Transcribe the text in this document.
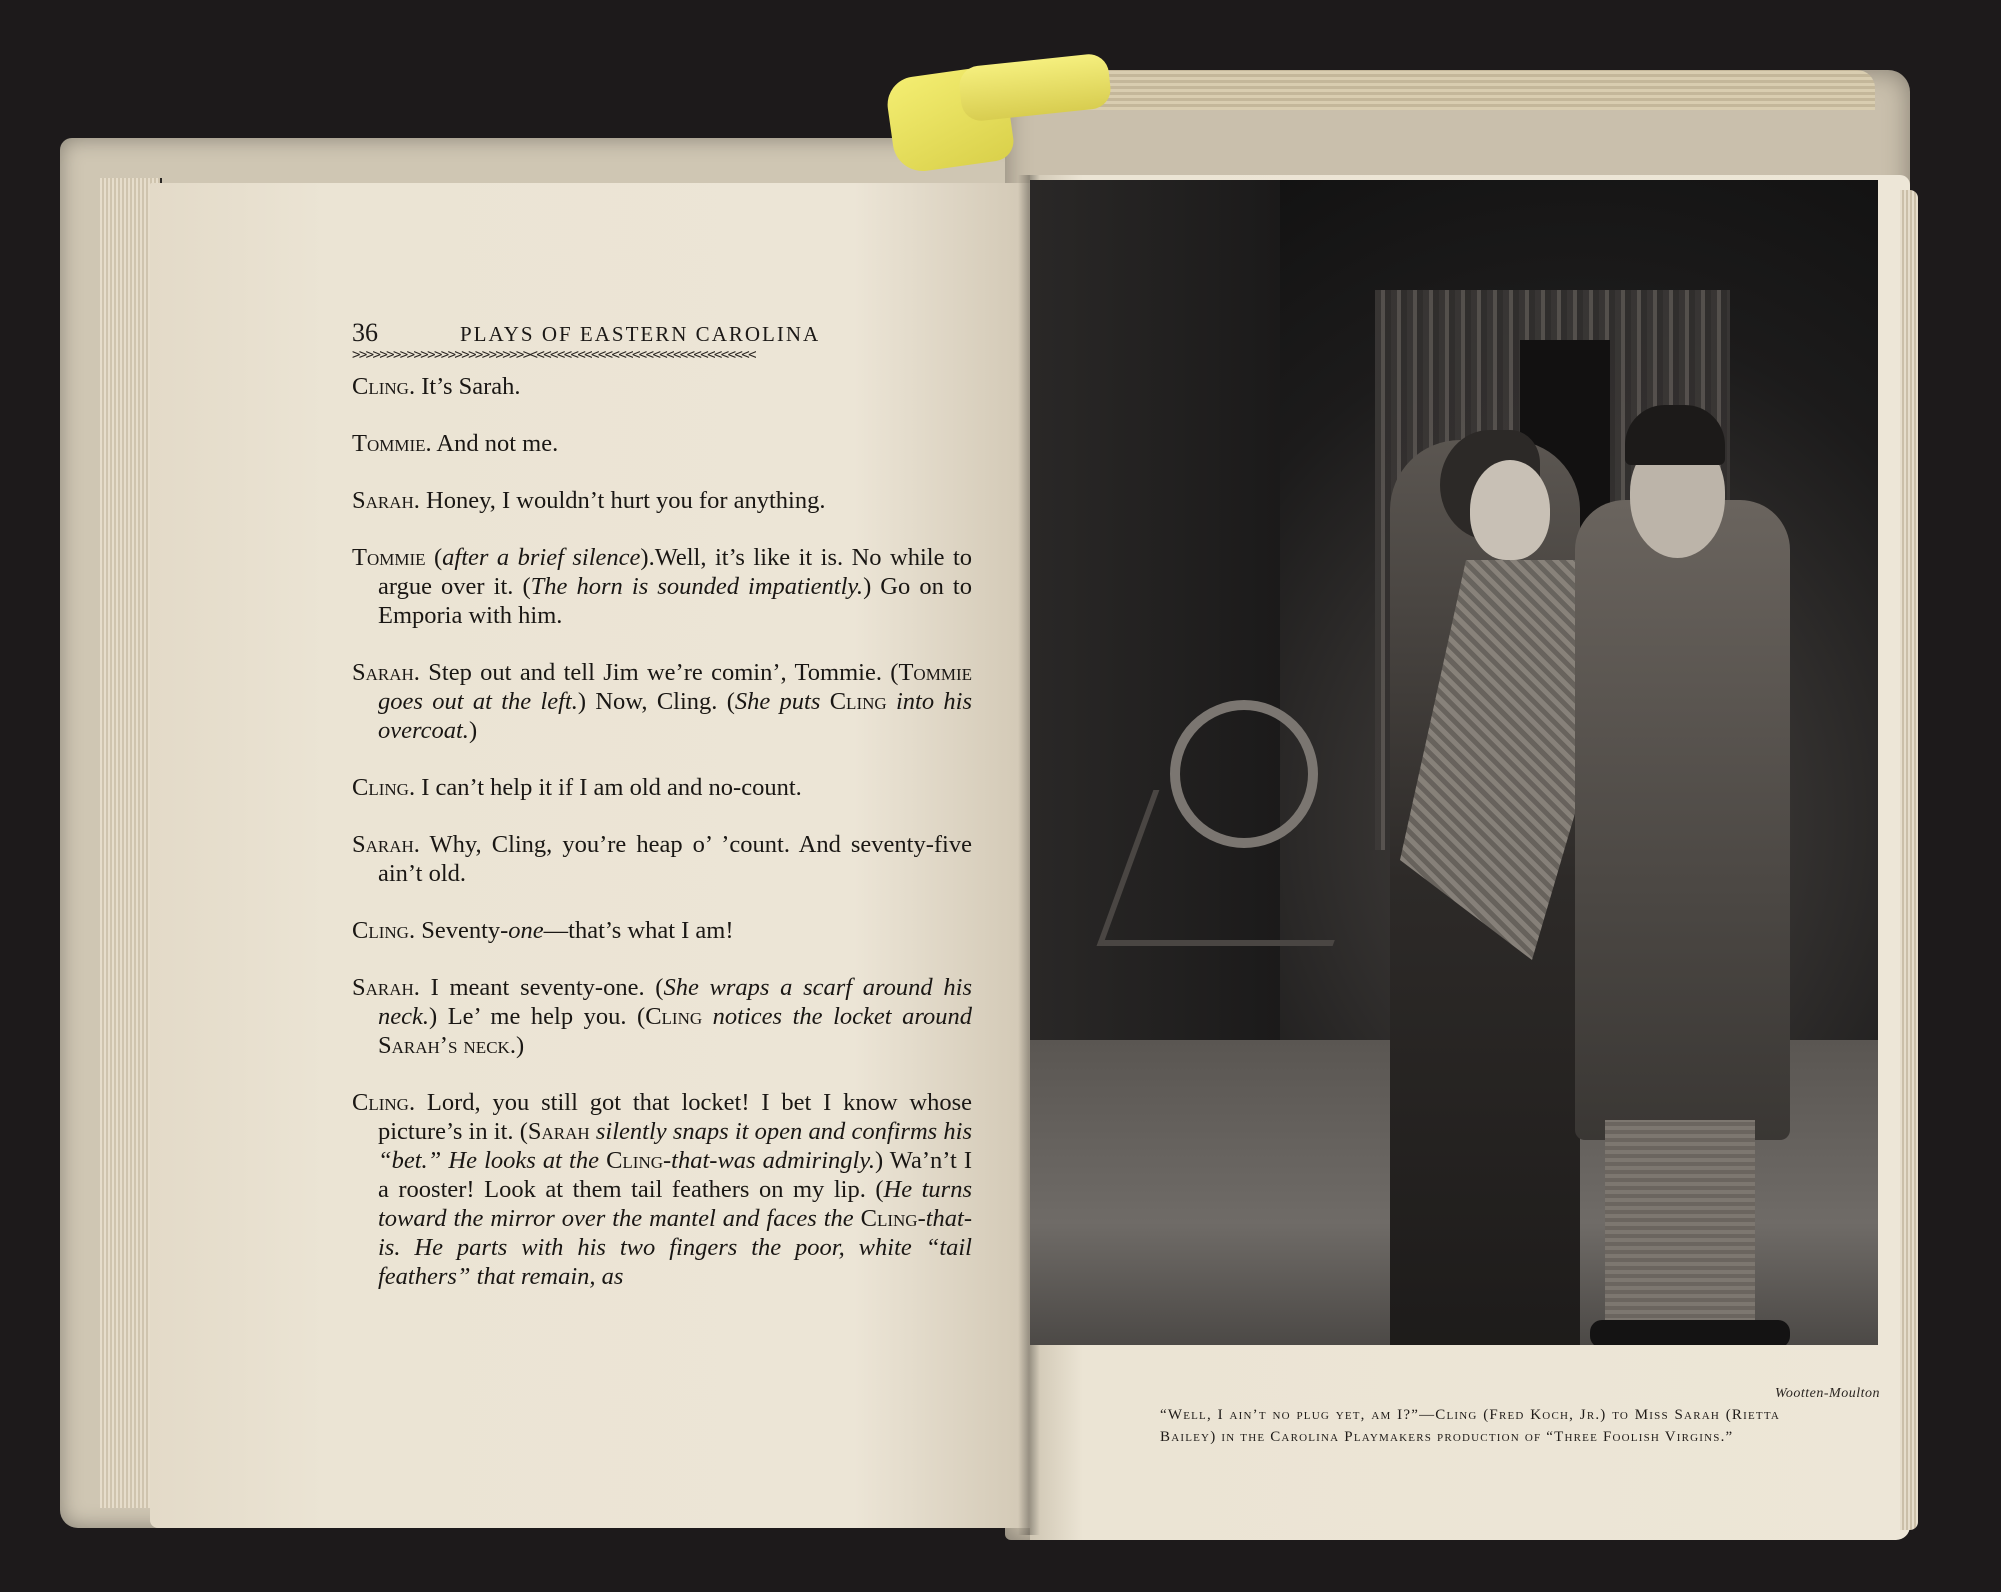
36	PLAYS OF EASTERN CAROLINA
>>>>>>>>>>>>>>>>>>>>>>>>>><<<<<<<<<<<<<<<<<<<<<<<<<<<<<<<<<

Cling. It’s Sarah.

Tommie. And not me.

Sarah. Honey, I wouldn’t hurt you for anything.

Tommie (after a brief silence).Well, it’s like it is. No while to argue over it. (The horn is sounded impatiently.) Go on to Emporia with him.

Sarah. Step out and tell Jim we’re comin’, Tommie. (Tommie goes out at the left.) Now, Cling. (She puts Cling into his overcoat.)

Cling. I can’t help it if I am old and no-count.

Sarah. Why, Cling, you’re heap o’ ’count. And seventy-five ain’t old.

Cling. Seventy-one—that’s what I am!

Sarah. I meant seventy-one. (She wraps a scarf around his neck.) Le’ me help you. (Cling notices the locket around Sarah’s neck.)

Cling. Lord, you still got that locket! I bet I know whose picture’s in it. (Sarah silently snaps it open and confirms his “bet.” He looks at the Cling-that-was admiringly.) Wa’n’t I a rooster! Look at them tail feathers on my lip. (He turns toward the mirror over the mantel and faces the Cling-that-is. He parts with his two fingers the poor, white “tail feathers” that remain, as

Wootten-Moulton
“Well, I ain’t no plug yet, am I?”—Cling (Fred Koch, Jr.) to Miss Sarah (Rietta Bailey) in the Carolina Playmakers production of “Three Foolish Virgins.”
